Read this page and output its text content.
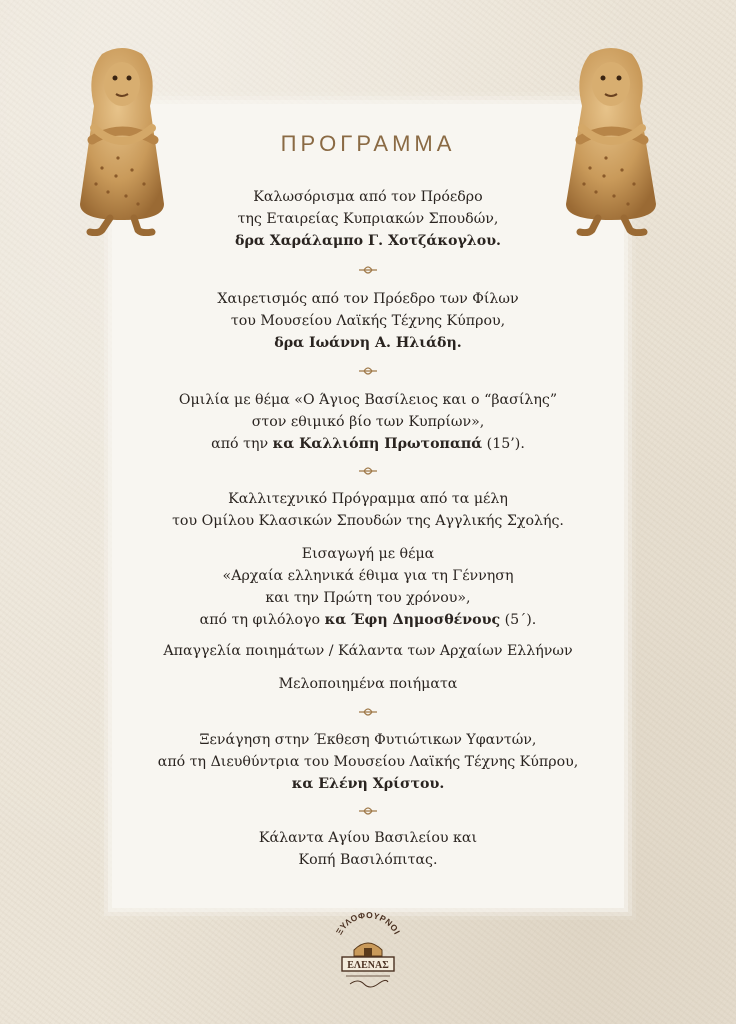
ΠΡΟΓΡΑΜΜΑ
Καλωσόρισμα από τον Πρόεδρο
της Εταιρείας Κυπριακών Σπουδών,
δρα Χαράλαμπο Γ. Χοτζάκογλου.
Χαιρετισμός από τον Πρόεδρο των Φίλων
του Μουσείου Λαϊκής Τέχνης Κύπρου,
δρα Ιωάννη Α. Ηλιάδη.
Ομιλία με θέμα «Ο Άγιος Βασίλειος και ο “βασίλης”
στον εθιμικό βίο των Κυπρίων»,
από την κα Καλλιόπη Πρωτοπαπά (15’).
Καλλιτεχνικό Πρόγραμμα από τα μέλη
του Ομίλου Κλασικών Σπουδών της Αγγλικής Σχολής.
Εισαγωγή με θέμα
«Αρχαία ελληνικά έθιμα για τη Γέννηση
και την Πρώτη του χρόνου»,
από τη φιλόλογο κα Έφη Δημοσθένους (5΄).
Απαγγελία ποιημάτων / Κάλαντα των Αρχαίων Ελλήνων
Μελοποιημένα ποιήματα
Ξενάγηση στην Έκθεση Φυτιώτικων Υφαντών,
από τη Διευθύντρια του Μουσείου Λαϊκής Τέχνης Κύπρου,
κα Ελένη Χρίστου.
Κάλαντα Αγίου Βασιλείου και
Κοπή Βασιλόπιτας.
ΞΥΛΟΦΟΥΡΝΟΙ
ΕΛΕΝΑΣ
